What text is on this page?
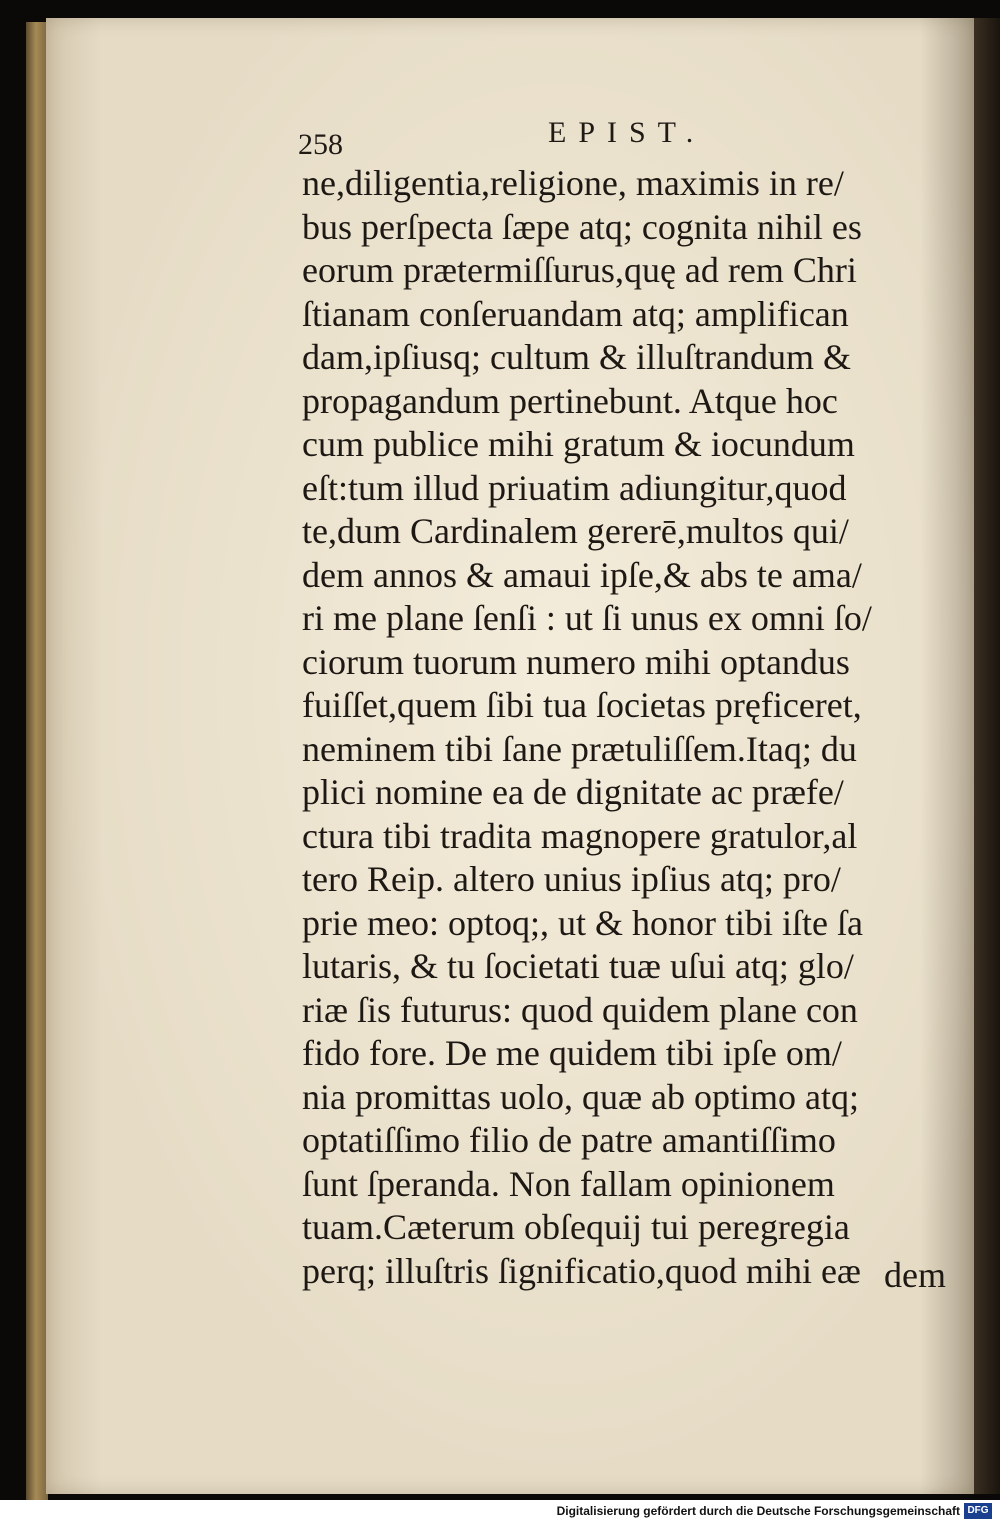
258	EPIST.
ne,diligentia,religione, maximis in re/
bus perſpecta ſæpe atq; cognita nihil es
eorum prætermiſſurus,quę ad rem Chri
ſtianam conſeruandam atq; amplifican
dam,ipſiusq; cultum & illuſtrandum &
propagandum pertinebunt. Atque hoc
cum publice mihi gratum & iocundum
eſt:tum illud priuatim adiungitur,quod
te,dum Cardinalem gererē,multos qui/
dem annos & amaui ipſe,& abs te ama/
ri me plane ſenſi : ut ſi unus ex omni ſo/
ciorum tuorum numero mihi optandus
fuiſſet,quem ſibi tua ſocietas pręficeret,
neminem tibi ſane prætuliſſem.Itaq; du
plici nomine ea de dignitate ac præfe/
ctura tibi tradita magnopere gratulor,al
tero Reip. altero unius ipſius atq; pro/
prie meo: optoq;, ut & honor tibi iſte ſa
lutaris, & tu ſocietati tuæ uſui atq; glo/
riæ ſis futurus: quod quidem plane con
fido fore. De me quidem tibi ipſe om/
nia promittas uolo, quæ ab optimo atq;
optatiſſimo filio de patre amantiſſimo
ſunt ſperanda. Non fallam opinionem
tuam.Cæterum obſequij tui peregregia
perq; illuſtris ſignificatio,quod mihi eæ dem
Digitalisierung gefördert durch die Deutsche Forschungsgemeinschaft DFG
